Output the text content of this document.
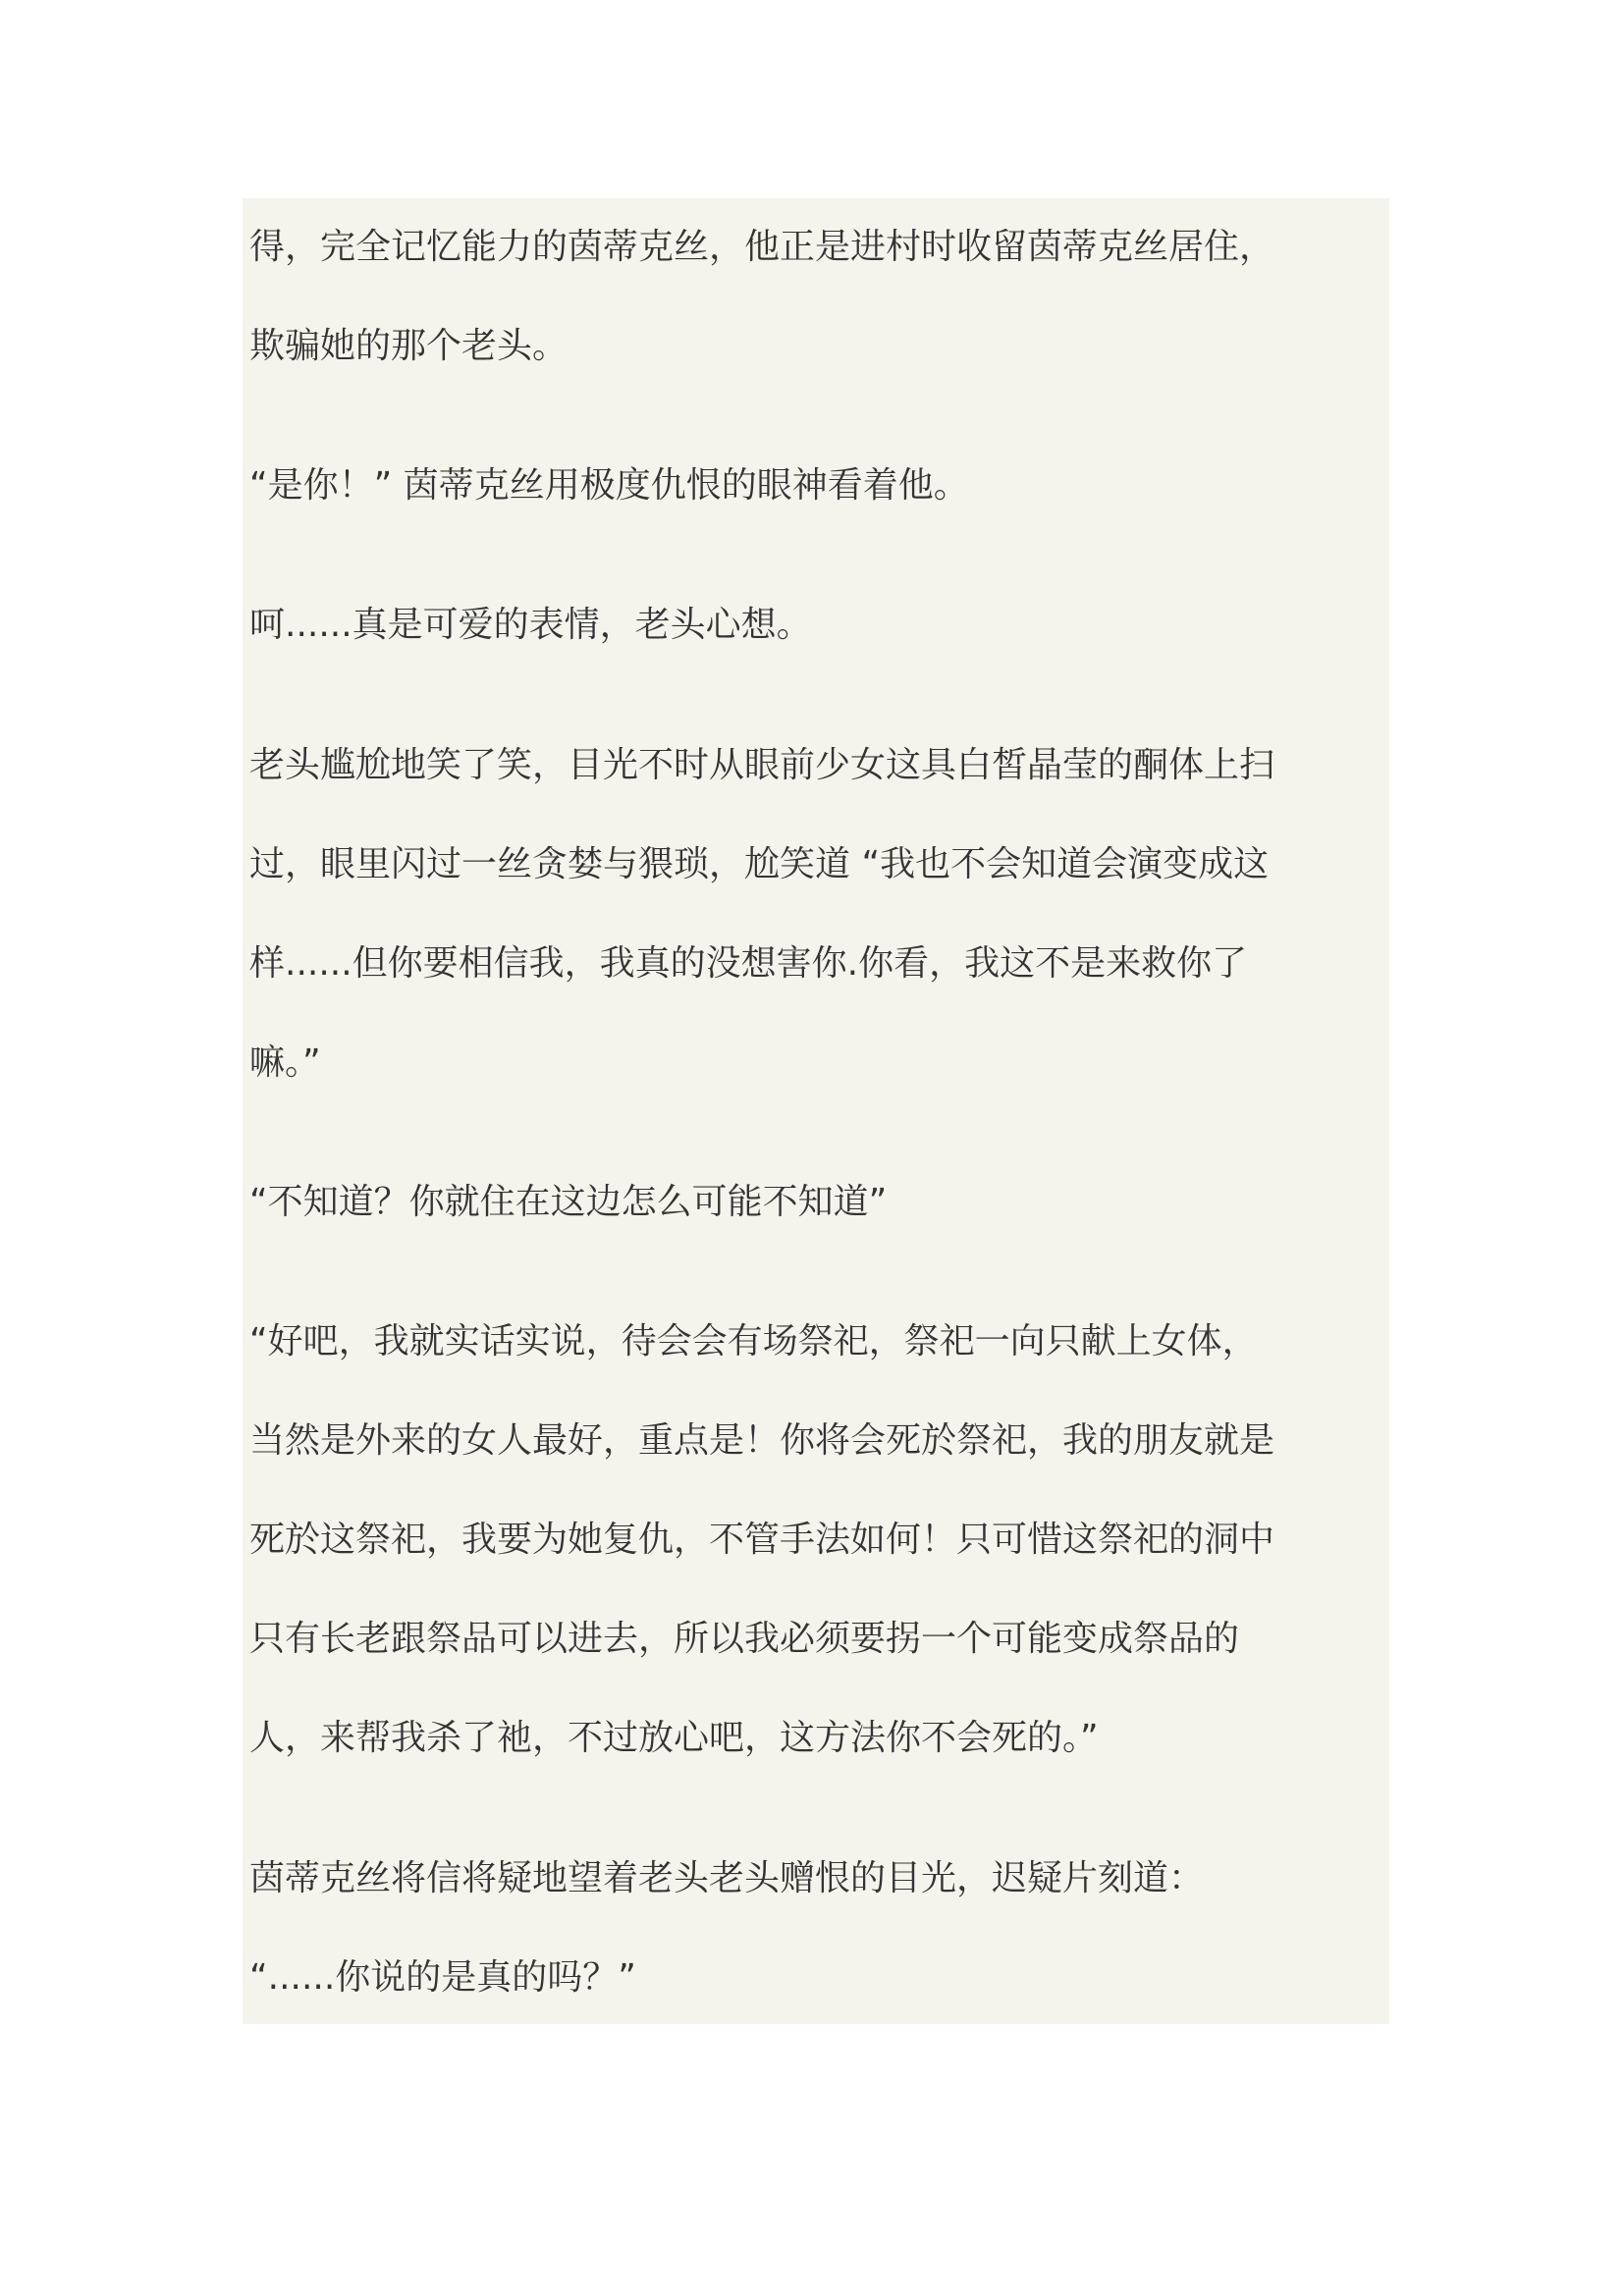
得，完全记忆能力的茵蒂克丝，他正是进村时收留茵蒂克丝居住，
欺骗她的那个老头。
“是你！” 茵蒂克丝用极度仇恨的眼神看着他。
呵......真是可爱的表情，老头心想。
老头尴尬地笑了笑，目光不时从眼前少女这具白皙晶莹的酮体上扫
过，眼里闪过一丝贪婪与猥琐，尬笑道 “我也不会知道会演变成这
样......但你要相信我，我真的没想害你.你看，我这不是来救你了
嘛。”
“不知道？你就住在这边怎么可能不知道”
“好吧，我就实话实说，待会会有场祭祀，祭祀一向只献上女体，
当然是外来的女人最好，重点是！你将会死於祭祀，我的朋友就是
死於这祭祀，我要为她复仇，不管手法如何！只可惜这祭祀的洞中
只有长老跟祭品可以进去，所以我必须要拐一个可能变成祭品的
人，来帮我杀了祂，不过放心吧，这方法你不会死的。”
茵蒂克丝将信将疑地望着老头老头赠恨的目光，迟疑片刻道：
“......你说的是真的吗？”
